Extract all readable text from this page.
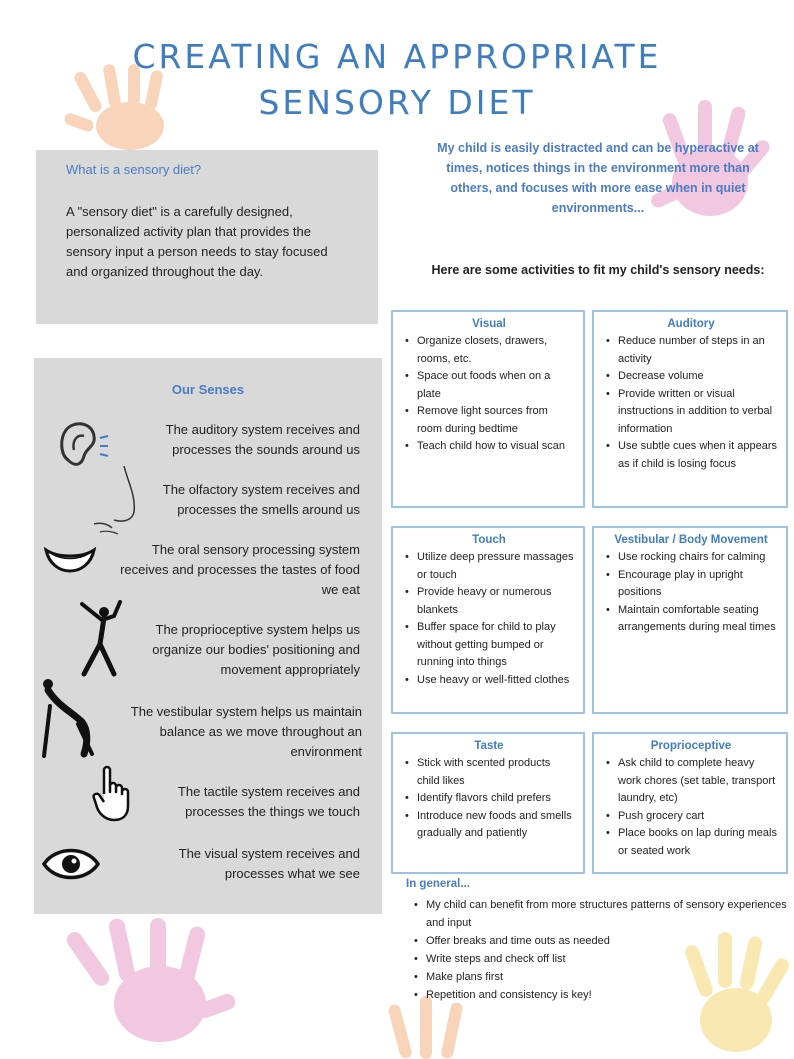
CREATING AN APPROPRIATE
SENSORY DIET
What is a sensory diet?
A "sensory diet" is a carefully designed, personalized activity plan that provides the sensory input a person needs to stay focused and organized throughout the day.
Our Senses
The auditory system receives and processes the sounds around us
The olfactory system receives and processes the smells around us
The oral sensory processing system receives and processes the tastes of food we eat
The proprioceptive system helps us organize our bodies' positioning and movement appropriately
The vestibular system helps us maintain balance as we move throughout an environment
The tactile system receives and processes the things we touch
The visual system receives and processes what we see
My child is easily distracted and can be hyperactive at times, notices things in the environment more than others, and focuses with more ease when in quiet environments...
Here are some activities to fit my child's sensory needs:
Visual
• Organize closets, drawers, rooms, etc.
• Space out foods when on a plate
• Remove light sources from room during bedtime
• Teach child how to visual scan
Auditory
• Reduce number of steps in an activity
• Decrease volume
• Provide written or visual instructions in addition to verbal information
• Use subtle cues when it appears as if child is losing focus
Touch
• Utilize deep pressure massages or touch
• Provide heavy or numerous blankets
• Buffer space for child to play without getting bumped or running into things
• Use heavy or well-fitted clothes
Vestibular / Body Movement
• Use rocking chairs for calming
• Encourage play in upright positions
• Maintain comfortable seating arrangements during meal times
Taste
• Stick with scented products child likes
• Identify flavors child prefers
• Introduce new foods and smells gradually and patiently
Proprioceptive
• Ask child to complete heavy work chores (set table, transport laundry, etc)
• Push grocery cart
• Place books on lap during meals or seated work
In general...
• My child can benefit from more structures patterns of sensory experiences and input
• Offer breaks and time outs as needed
• Write steps and check off list
• Make plans first
• Repetition and consistency is key!
